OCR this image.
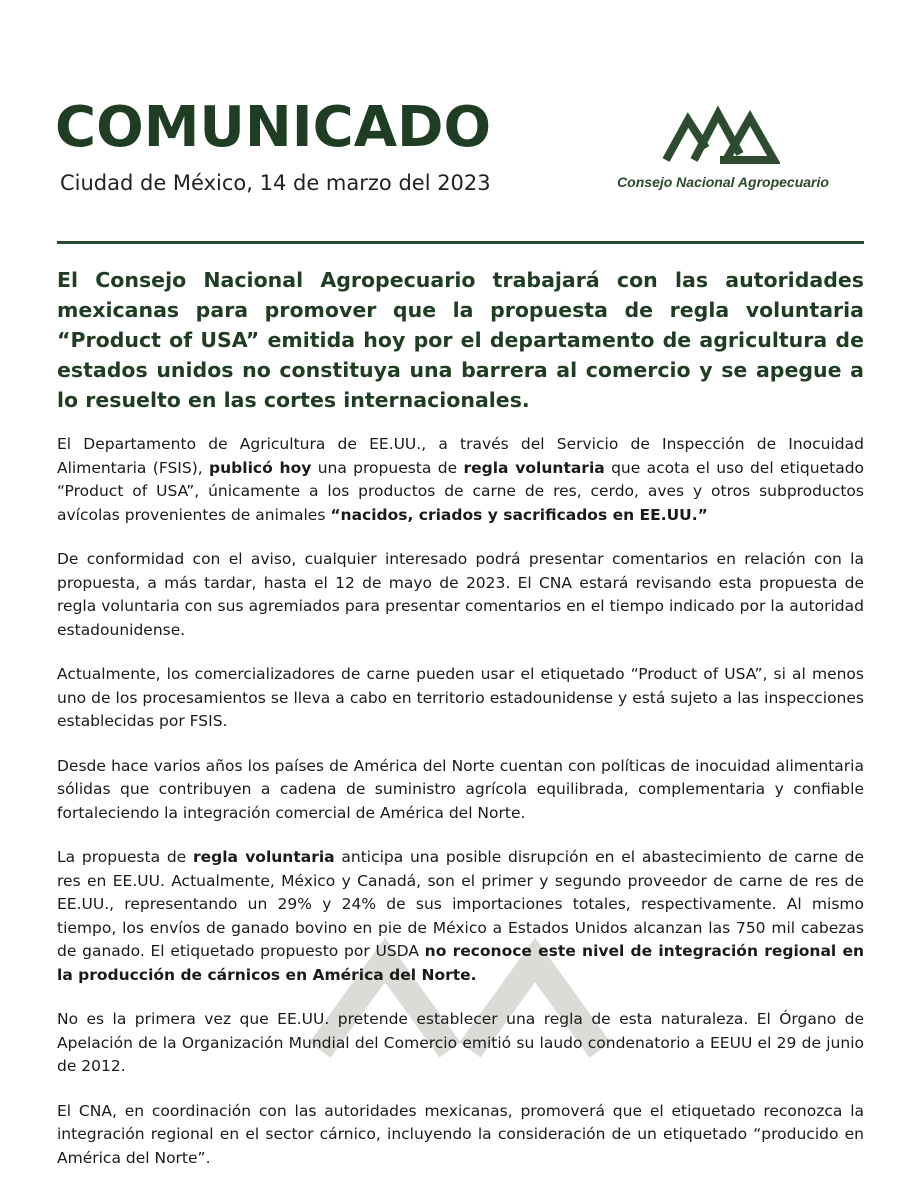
COMUNICADO
Ciudad de México, 14 de marzo del 2023	Consejo Nacional Agropecuario
El Consejo Nacional Agropecuario trabajará con las autoridades mexicanas para promover que la propuesta de regla voluntaria “Product of USA” emitida hoy por el departamento de agricultura de estados unidos no constituya una barrera al comercio y se apegue a lo resuelto en las cortes internacionales.

El Departamento de Agricultura de EE.UU., a través del Servicio de Inspección de Inocuidad Alimentaria (FSIS), publicó hoy una propuesta de regla voluntaria que acota el uso del etiquetado “Product of USA”, únicamente a los productos de carne de res, cerdo, aves y otros subproductos avícolas provenientes de animales “nacidos, criados y sacrificados en EE.UU.”

De conformidad con el aviso, cualquier interesado podrá presentar comentarios en relación con la propuesta, a más tardar, hasta el 12 de mayo de 2023. El CNA estará revisando esta propuesta de regla voluntaria con sus agremiados para presentar comentarios en el tiempo indicado por la autoridad estadounidense.

Actualmente, los comercializadores de carne pueden usar el etiquetado “Product of USA”, si al menos uno de los procesamientos se lleva a cabo en territorio estadounidense y está sujeto a las inspecciones establecidas por FSIS.

Desde hace varios años los países de América del Norte cuentan con políticas de inocuidad alimentaria sólidas que contribuyen a cadena de suministro agrícola equilibrada, complementaria y confiable fortaleciendo la integración comercial de América del Norte.

La propuesta de regla voluntaria anticipa una posible disrupción en el abastecimiento de carne de res en EE.UU. Actualmente, México y Canadá, son el primer y segundo proveedor de carne de res de EE.UU., representando un 29% y 24% de sus importaciones totales, respectivamente. Al mismo tiempo, los envíos de ganado bovino en pie de México a Estados Unidos alcanzan las 750 mil cabezas de ganado. El etiquetado propuesto por USDA no reconoce este nivel de integración regional en la producción de cárnicos en América del Norte.

No es la primera vez que EE.UU. pretende establecer una regla de esta naturaleza. El Órgano de Apelación de la Organización Mundial del Comercio emitió su laudo condenatorio a EEUU el 29 de junio de 2012.

El CNA, en coordinación con las autoridades mexicanas, promoverá que el etiquetado reconozca la integración regional en el sector cárnico, incluyendo la consideración de un etiquetado “producido en América del Norte”.
